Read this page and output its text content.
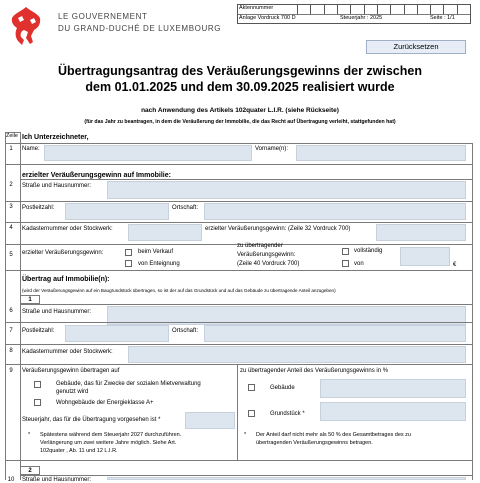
LE GOUVERNEMENT
DU GRAND-DUCHÉ DE LUXEMBOURG
Aktennummer
Anlage Vordruck 700 D	Steuerjahr : 2025	Seite : 1/1
Zurücksetzen
Übertragungsantrag des Veräußerungsgewinns der zwischen
dem 01.01.2025 und dem 30.09.2025 realisiert wurde
nach Anwendung des Artikels 102quater L.I.R. (siehe Rückseite)
(für das Jahr zu beantragen, in dem die Veräußerung der Immobilie, die das Recht auf Übertragung verleiht, stattgefunden hat)
Zeile Ich Unterzeichneter,
1	Name:	Vorname(n):
erzielter Veräußerungsgewinn auf Immobilie:
2	Straße und Hausnummer:
3	Postleitzahl:	Ortschaft:
4	Kadasternummer oder Stockwerk:	erzielter Veräußerungsgewinn: (Zeile 32 Vordruck 700)
5	erzielter Veräußerungsgewinn:	beim Verkauf
von Enteignung
zu übertragender
Veräußerungsgewinn:
(Zeile 40 Vordruck 700)
vollständig
von	€
Übertrag auf Immobilie(n):
(wird der Veräußerungsgewinn auf ein Baugrundstück übertragen, so ist der auf das Grundstück und auf das Gebäude zu übertragende Anteil anzugeben)
1
6	Straße und Hausnummer:
7	Postleitzahl:	Ortschaft:
8	Kadasternummer oder Stockwerk:
9	Veräußerungsgewinn übertragen auf
Gebäude, das für Zwecke der sozialen Mietverwaltung
genutzt wird
Wohngebäude der Energieklasse A+
Steuerjahr, das für die Übertragung vorgesehen ist *
* Spätestens während dem Steuerjahr 2027 durchzuführen.
Verlängerung um zwei weitere Jahre möglich. Siehe Art.
102quater , Ab. 11 und 12 L.I.R.
zu übertragender Anteil des Veräußerungsgewinns in %
Gebäude
Grundstück *
* Der Anteil darf nicht mehr als 50 % des Gesamtbetrages des zu
übertragenden Veräußerungsgewinns betragen.
2
10 Straße und Hausnummer:
